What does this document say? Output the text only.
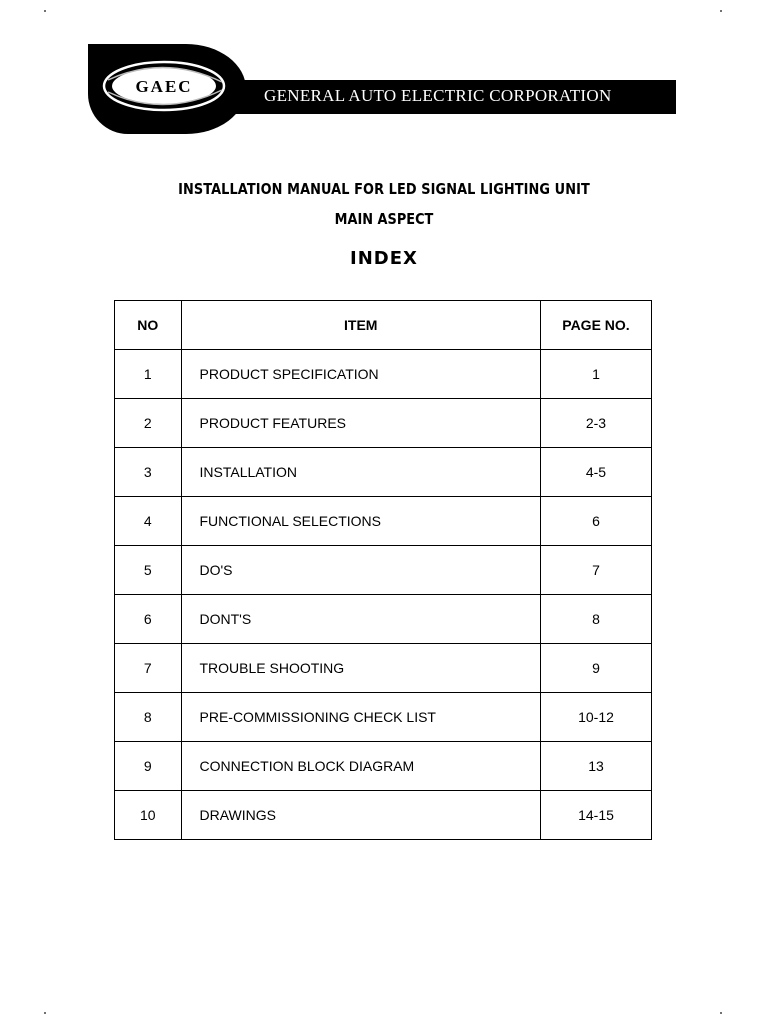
GAEC	GENERAL AUTO ELECTRIC CORPORATION
INSTALLATION MANUAL FOR LED SIGNAL LIGHTING UNIT
MAIN ASPECT
INDEX
NO	ITEM	PAGE NO.
1	PRODUCT SPECIFICATION	1
2	PRODUCT FEATURES	2-3
3	INSTALLATION	4-5
4	FUNCTIONAL SELECTIONS	6
5	DO'S	7
6	DONT'S	8
7	TROUBLE SHOOTING	9
8	PRE-COMMISSIONING CHECK LIST	10-12
9	CONNECTION BLOCK DIAGRAM	13
10	DRAWINGS	14-15
